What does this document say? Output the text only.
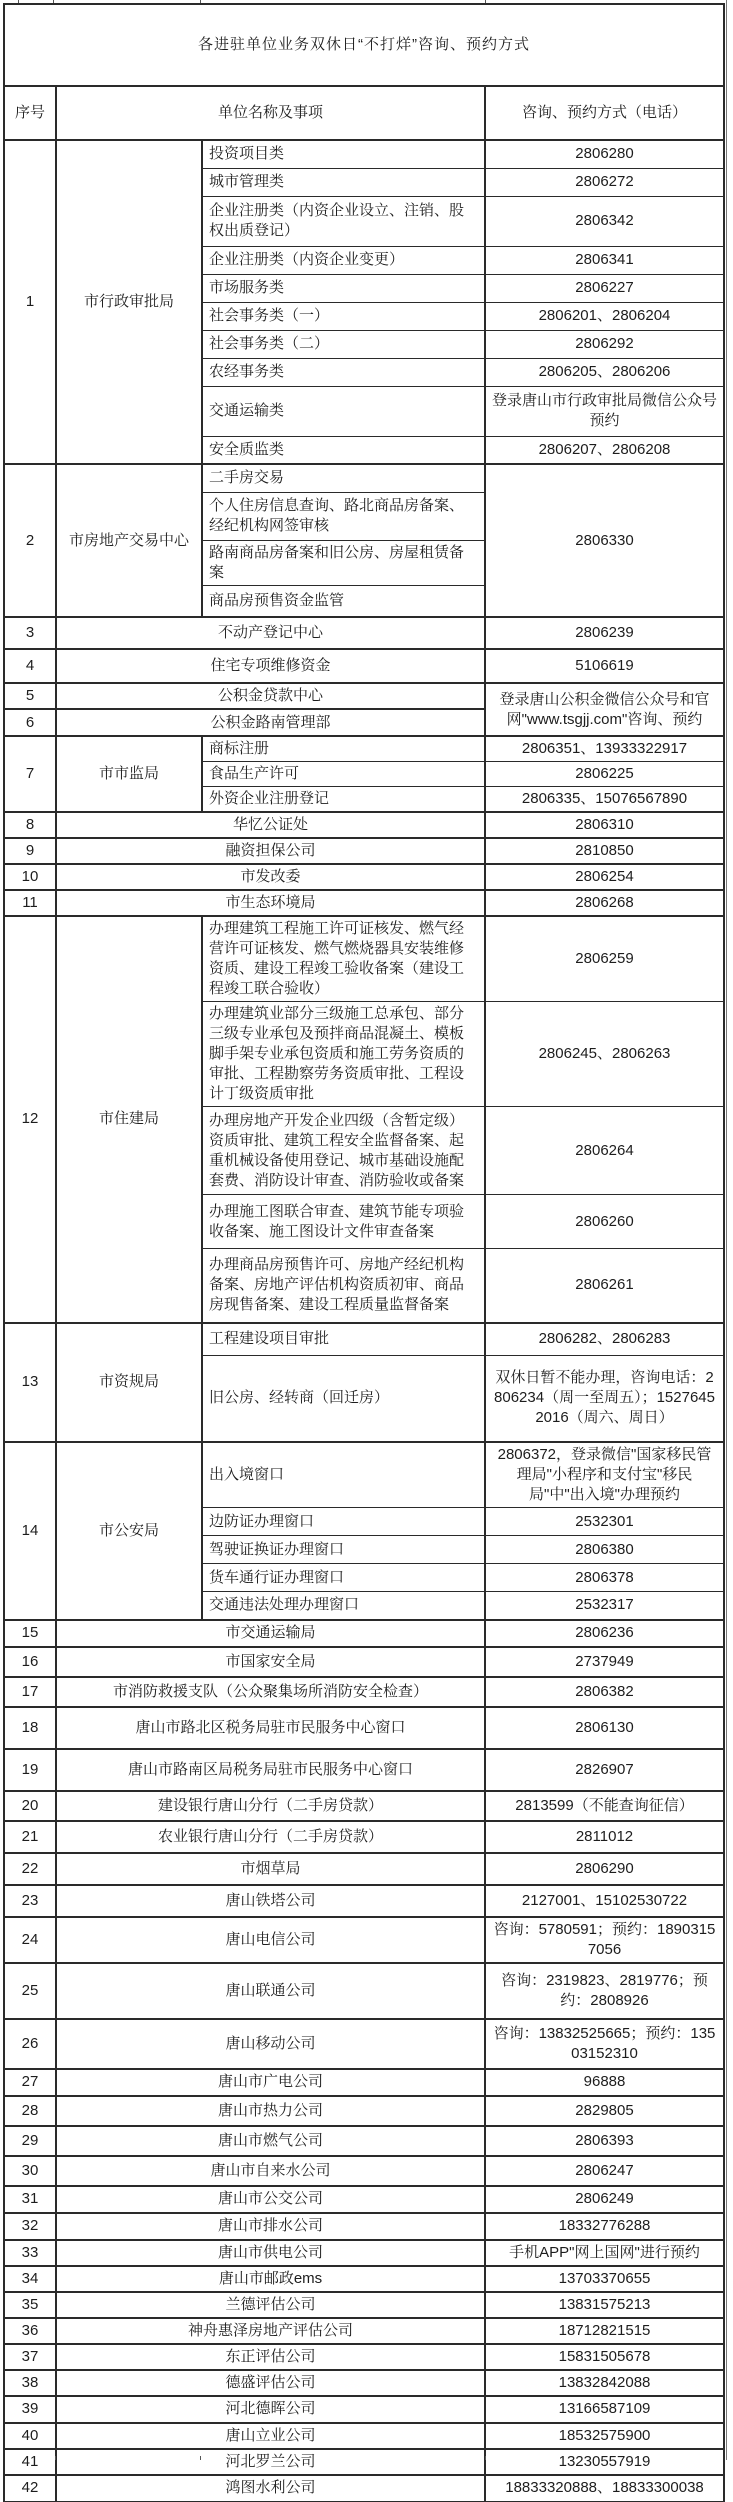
各进驻单位业务双休日“不打烊”咨询、预约方式			
序号	单位名称及事项		咨询、预约方式（电话）
1	市行政审批局	投资项目类	2806280
		城市管理类	2806272
		企业注册类（内资企业设立、注销、股权出质登记）	2806342
		企业注册类（内资企业变更）	2806341
		市场服务类	2806227
		社会事务类（一）	2806201、2806204
		社会事务类（二）	2806292
		农经事务类	2806205、2806206
		交通运输类	登录唐山市行政审批局微信公众号预约
		安全质监类	2806207、2806208
2	市房地产交易中心	二手房交易	2806330
		个人住房信息查询、路北商品房备案、经纪机构网签审核	
		路南商品房备案和旧公房、房屋租赁备案	
		商品房预售资金监管	
3	不动产登记中心		2806239
4	住宅专项维修资金		5106619
5	公积金贷款中心		登录唐山公积金微信公众号和官网"www.tsgjj.com"咨询、预约
6	公积金路南管理部		
7	市市监局	商标注册	2806351、13933322917
		食品生产许可	2806225
		外资企业注册登记	2806335、15076567890
8	华忆公证处		2806310
9	融资担保公司		2810850
10	市发改委		2806254
11	市生态环境局		2806268
12	市住建局	办理建筑工程施工许可证核发、燃气经营许可证核发、燃气燃烧器具安装维修资质、建设工程竣工验收备案（建设工程竣工联合验收）	2806259
		办理建筑业部分三级施工总承包、部分三级专业承包及预拌商品混凝土、模板脚手架专业承包资质和施工劳务资质的审批、工程勘察劳务资质审批、工程设计丁级资质审批	2806245、2806263
		办理房地产开发企业四级（含暂定级）资质审批、建筑工程安全监督备案、起重机械设备使用登记、城市基础设施配套费、消防设计审查、消防验收或备案	2806264
		办理施工图联合审查、建筑节能专项验收备案、施工图设计文件审查备案	2806260
		办理商品房预售许可、房地产经纪机构备案、房地产评估机构资质初审、商品房现售备案、建设工程质量监督备案	2806261
13	市资规局	工程建设项目审批	2806282、2806283
		旧公房、经转商（回迁房）	双休日暂不能办理，咨询电话：2806234（周一至周五）；15276452016（周六、周日）
14	市公安局	出入境窗口	2806372，登录微信"国家移民管理局"小程序和支付宝"移民局"中"出入境"办理预约
		边防证办理窗口	2532301
		驾驶证换证办理窗口	2806380
		货车通行证办理窗口	2806378
		交通违法处理办理窗口	2532317
15	市交通运输局		2806236
16	市国家安全局		2737949
17	市消防救援支队（公众聚集场所消防安全检查）		2806382
18	唐山市路北区税务局驻市民服务中心窗口		2806130
19	唐山市路南区局税务局驻市民服务中心窗口		2826907
20	建设银行唐山分行（二手房贷款）		2813599（不能查询征信）
21	农业银行唐山分行（二手房贷款）		2811012
22	市烟草局		2806290
23	唐山铁塔公司		2127001、15102530722
24	唐山电信公司		咨询：5780591；预约：18903157056
25	唐山联通公司		咨询：2319823、2819776；预约：2808926
26	唐山移动公司		咨询：13832525665；预约：13503152310
27	唐山市广电公司		96888
28	唐山市热力公司		2829805
29	唐山市燃气公司		2806393
30	唐山市自来水公司		2806247
31	唐山市公交公司		2806249
32	唐山市排水公司		18332776288
33	唐山市供电公司		手机APP"网上国网"进行预约
34	唐山市邮政ems		13703370655
35	兰德评估公司		13831575213
36	神舟惠泽房地产评估公司		18712821515
37	东正评估公司		15831505678
38	德盛评估公司		13832842088
39	河北德晖公司		13166587109
40	唐山立业公司		18532575900
41	河北罗兰公司		13230557919
42	鸿图水利公司		18833320888、18833300038
